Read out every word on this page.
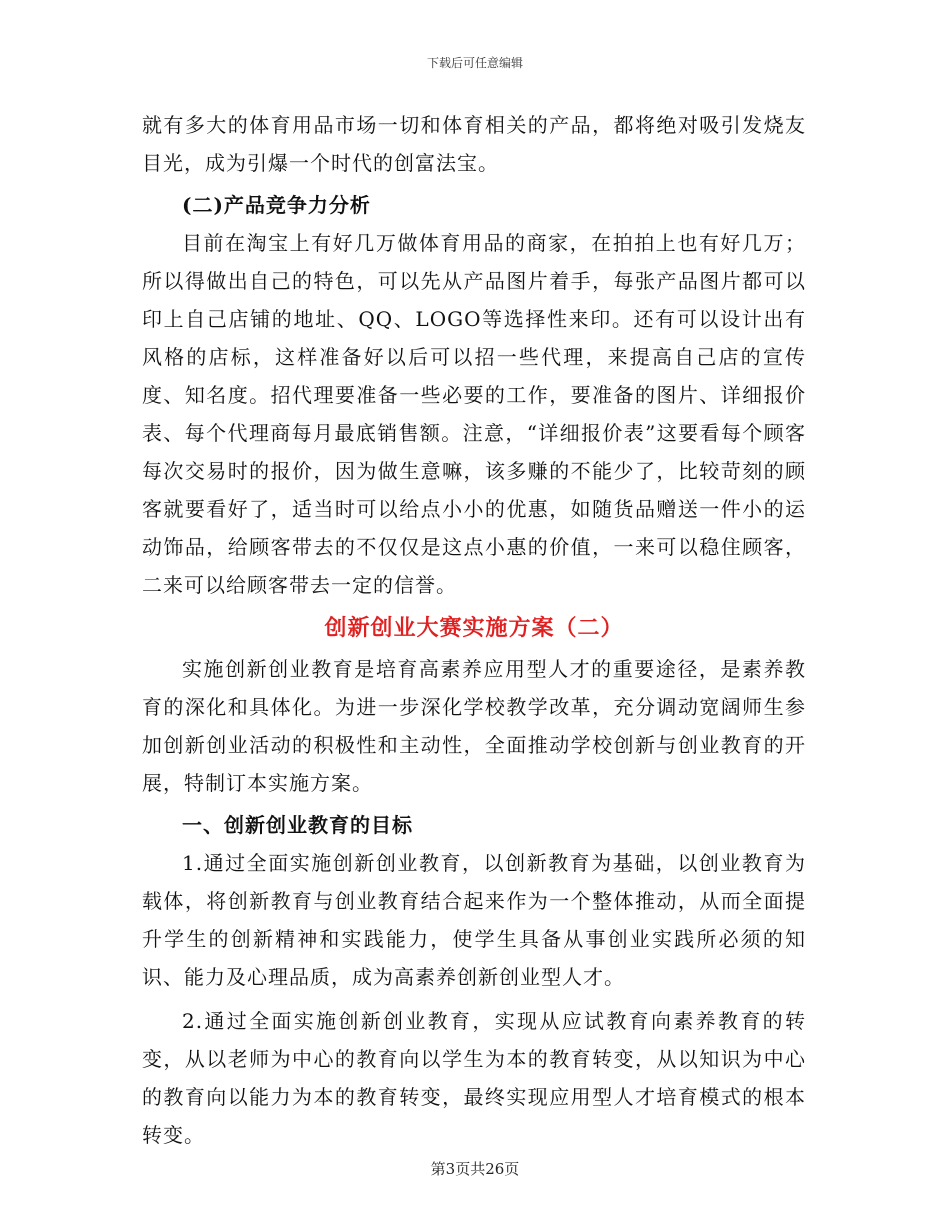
下载后可任意编辑

就有多大的体育用品市场一切和体育相关的产品，都将绝对吸引发烧友目光，成为引爆一个时代的创富法宝。

(二)产品竞争力分析

目前在淘宝上有好几万做体育用品的商家，在拍拍上也有好几万；所以得做出自己的特色，可以先从产品图片着手，每张产品图片都可以印上自己店铺的地址、QQ、LOGO等选择性来印。还有可以设计出有风格的店标，这样准备好以后可以招一些代理，来提高自己店的宣传度、知名度。招代理要准备一些必要的工作，要准备的图片、详细报价表、每个代理商每月最底销售额。注意，“详细报价表”这要看每个顾客每次交易时的报价，因为做生意嘛，该多赚的不能少了，比较苛刻的顾客就要看好了，适当时可以给点小小的优惠，如随货品赠送一件小的运动饰品，给顾客带去的不仅仅是这点小惠的价值，一来可以稳住顾客，二来可以给顾客带去一定的信誉。

创新创业大赛实施方案（二）

实施创新创业教育是培育高素养应用型人才的重要途径，是素养教育的深化和具体化。为进一步深化学校教学改革，充分调动宽阔师生参加创新创业活动的积极性和主动性，全面推动学校创新与创业教育的开展，特制订本实施方案。

一、创新创业教育的目标

1.通过全面实施创新创业教育，以创新教育为基础，以创业教育为载体，将创新教育与创业教育结合起来作为一个整体推动，从而全面提升学生的创新精神和实践能力，使学生具备从事创业实践所必须的知识、能力及心理品质，成为高素养创新创业型人才。

2.通过全面实施创新创业教育，实现从应试教育向素养教育的转变，从以老师为中心的教育向以学生为本的教育转变，从以知识为中心的教育向以能力为本的教育转变，最终实现应用型人才培育模式的根本转变。

第3页共26页
